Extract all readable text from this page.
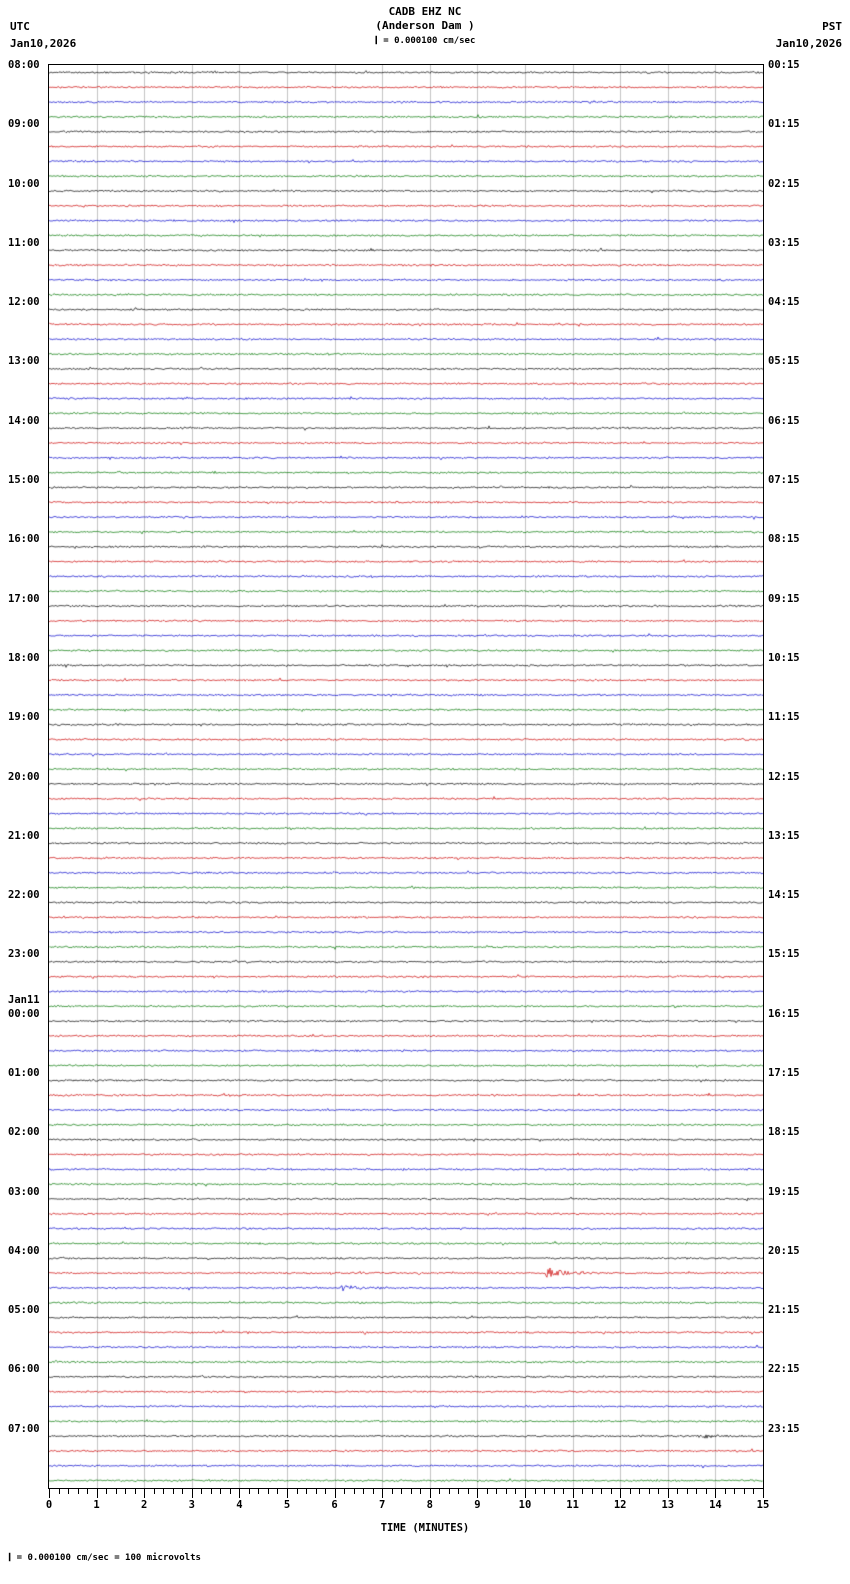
UTC
Jan10,2026
CADB EHZ NC
(Anderson Dam )
Ⅰ = 0.000100 cm/sec
PST
Jan10,2026
08:00
09:00
10:00
11:00
12:00
13:00
14:00
15:00
16:00
17:00
18:00
19:00
20:00
21:00
22:00
23:00
00:00
01:00
02:00
03:00
04:00
05:00
06:00
07:00
Jan11
00:15
01:15
02:15
03:15
04:15
05:15
06:15
07:15
08:15
09:15
10:15
11:15
12:15
13:15
14:15
15:15
16:15
17:15
18:15
19:15
20:15
21:15
22:15
23:15
0	1	2	3	4	5	6	7	8	9	10	11	12	13	14	15
TIME (MINUTES)
Ⅰ = 0.000100 cm/sec = 100 microvolts
